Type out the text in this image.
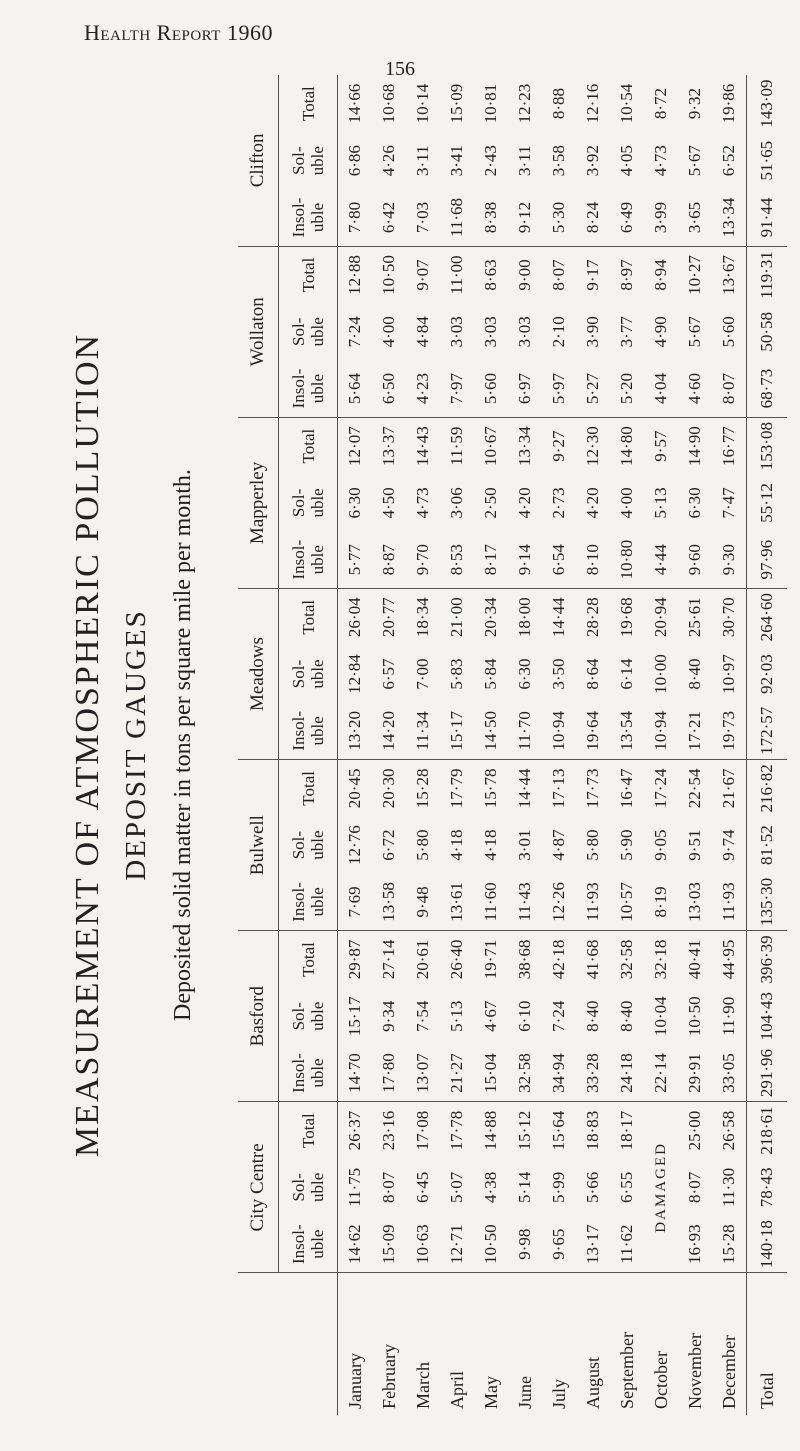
Health Report 1960
156
MEASUREMENT OF ATMOSPHERIC POLLUTION DEPOSIT GAUGES Deposited solid matter in tons per square mile per month.
	City Centre			Basford			Bulwell			Meadows			Mapperley			Wollaton			Clifton		
	Insol- uble	Sol- uble	Total	Insol- uble	Sol- uble	Total	Insol- uble	Sol- uble	Total	Insol- uble	Sol- uble	Total	Insol- uble	Sol- uble	Total	Insol- uble	Sol- uble	Total	Insol- uble	Sol- uble	Total
January	14·62	11·75	26·37	14·70	15·17	29·87	7·69	12·76	20·45	13·20	12·84	26·04	5·77	6·30	12·07	5·64	7·24	12·88	7·80	6·86	14·66
February	15·09	8·07	23·16	17·80	9·34	27·14	13·58	6·72	20·30	14·20	6·57	20·77	8·87	4·50	13·37	6·50	4·00	10·50	6·42	4·26	10·68
March	10·63	6·45	17·08	13·07	7·54	20·61	9·48	5·80	15·28	11·34	7·00	18·34	9·70	4·73	14·43	4·23	4·84	9·07	7·03	3·11	10·14
April	12·71	5·07	17·78	21·27	5·13	26·40	13·61	4·18	17·79	15·17	5·83	21·00	8·53	3·06	11·59	7·97	3·03	11·00	11·68	3·41	15·09
May	10·50	4·38	14·88	15·04	4·67	19·71	11·60	4·18	15·78	14·50	5·84	20·34	8·17	2·50	10·67	5·60	3·03	8·63	8·38	2·43	10·81
June	9·98	5·14	15·12	32·58	6·10	38·68	11·43	3·01	14·44	11·70	6·30	18·00	9·14	4·20	13·34	6·97	3·03	9·00	9·12	3·11	12·23
July	9·65	5·99	15·64	34·94	7·24	42·18	12·26	4·87	17·13	10·94	3·50	14·44	6·54	2·73	9·27	5·97	2·10	8·07	5·30	3·58	8·88
August	13·17	5·66	18·83	33·28	8·40	41·68	11·93	5·80	17·73	19·64	8·64	28·28	8·10	4·20	12·30	5·27	3·90	9·17	8·24	3·92	12·16
September	11·62	6·55	18·17	24·18	8·40	32·58	10·57	5·90	16·47	13·54	6·14	19·68	10·80	4·00	14·80	5·20	3·77	8·97	6·49	4·05	10·54
October	DAMAGED			22·14	10·04	32·18	8·19	9·05	17·24	10·94	10·00	20·94	4·44	5·13	9·57	4·04	4·90	8·94	3·99	4·73	8·72
November	16·93	8·07	25·00	29·91	10·50	40·41	13·03	9·51	22·54	17·21	8·40	25·61	9·60	6·30	14·90	4·60	5·67	10·27	3·65	5·67	9·32
December	15·28	11·30	26·58	33·05	11·90	44·95	11·93	9·74	21·67	19·73	10·97	30·70	9·30	7·47	16·77	8·07	5·60	13·67	13·34	6·52	19·86
Total	140·18	78·43	218·61	291·96	104·43	396·39	135·30	81·52	216·82	172·57	92·03	264·60	97·96	55·12	153·08	68·73	50·58	119·31	91·44	51·65	143·09
